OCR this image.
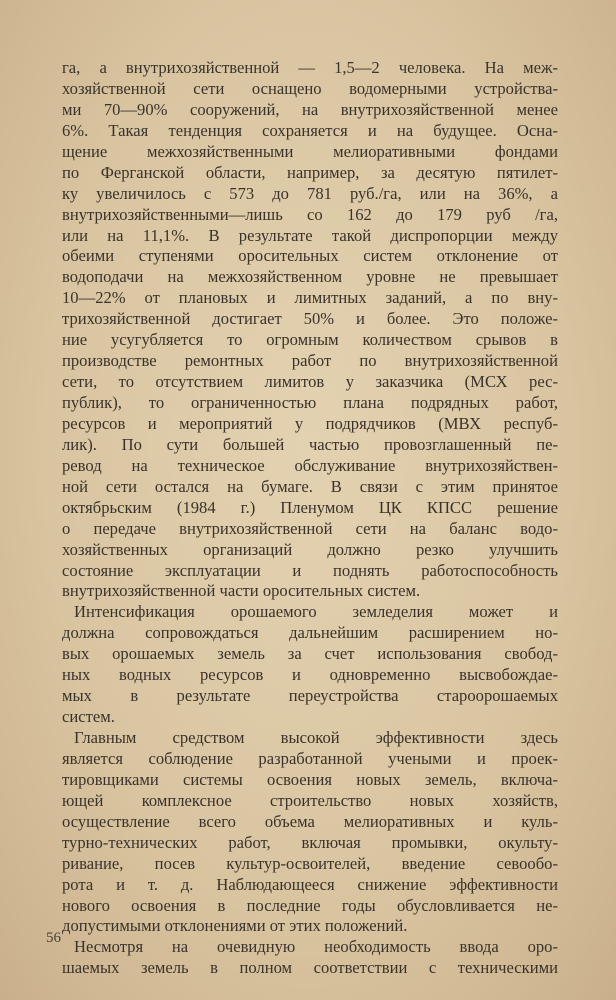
га, а внутрихозяйственной — 1,5—2 человека. На меж-
хозяйственной сети оснащено водомерными устройства-
ми 70—90% сооружений, на внутрихозяйственной менее
6%. Такая тенденция сохраняется и на будущее. Осна-
щение межхозяйственными мелиоративными фондами
по Ферганской области, например, за десятую пятилет-
ку увеличилось с 573 до 781 руб./га, или на 36%, а
внутрихозяйственными—лишь со 162 до 179 руб /га,
или на 11,1%. В результате такой диспропорции между
обеими ступенями оросительных систем отклонение от
водоподачи на межхозяйственном уровне не превышает
10—22% от плановых и лимитных заданий, а по вну-
трихозяйственной достигает 50% и более. Это положе-
ние усугубляется то огромным количеством срывов в
производстве ремонтных работ по внутрихозяйственной
сети, то отсутствием лимитов у заказчика (МСХ рес-
публик), то ограниченностью плана подрядных работ,
ресурсов и мероприятий у подрядчиков (МВХ респуб-
лик). По сути большей частью провозглашенный пе-
ревод на техническое обслуживание внутрихозяйствен-
ной сети остался на бумаге. В связи с этим принятое
октябрьским (1984 г.) Пленумом ЦК КПСС решение
о передаче внутрихозяйственной сети на баланс водо-
хозяйственных организаций должно резко улучшить
состояние эксплуатации и поднять работоспособность
внутрихозяйственной части оросительных систем.
Интенсификация орошаемого земледелия может и
должна сопровождаться дальнейшим расширением но-
вых орошаемых земель за счет использования свобод-
ных водных ресурсов и одновременно высвобождае-
мых в результате переустройства староорошаемых
систем.
Главным средством высокой эффективности здесь
является соблюдение разработанной учеными и проек-
тировщиками системы освоения новых земель, включа-
ющей комплексное строительство новых хозяйств,
осуществление всего объема мелиоративных и куль-
турно-технических работ, включая промывки, окульту-
ривание, посев культур-освоителей, введение севообо-
рота и т. д. Наблюдающееся снижение эффективности
нового освоения в последние годы обусловливается не-
допустимыми отклонениями от этих положений.
Несмотря на очевидную необходимость ввода оро-
шаемых земель в полном соответствии с техническими
56
